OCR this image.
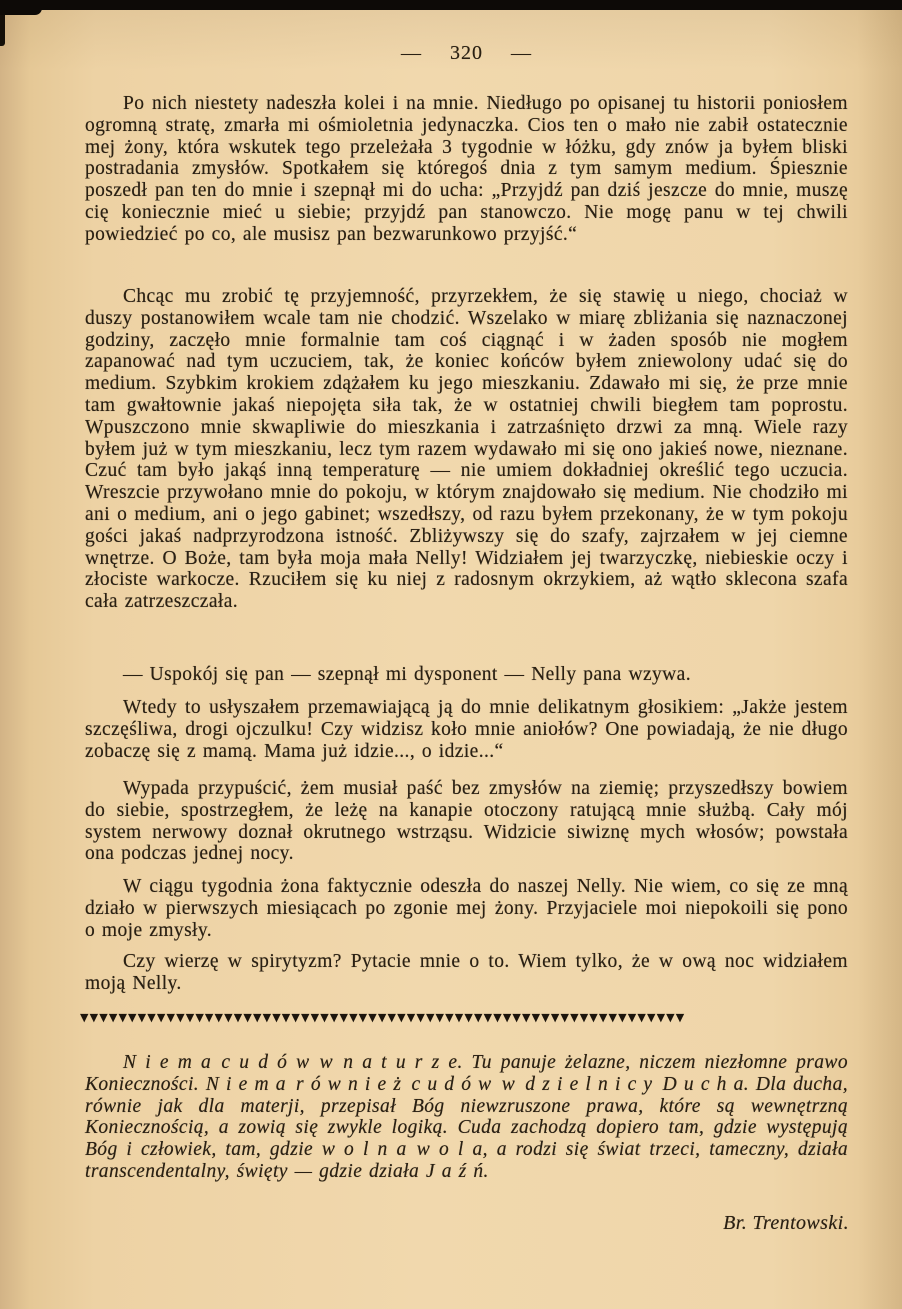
— 320 —

Po nich niestety nadeszła kolei i na mnie. Niedługo po opisanej tu historii poniosłem ogromną stratę, zmarła mi ośmioletnia jedynaczka. Cios ten o mało nie zabił ostatecznie mej żony, która wskutek tego przeleżała 3 tygodnie w łóżku, gdy znów ja byłem bliski postradania zmysłów. Spotkałem się któregoś dnia z tym samym medium. Śpiesznie poszedł pan ten do mnie i szepnął mi do ucha: „Przyjdź pan dziś jeszcze do mnie, muszę cię koniecznie mieć u siebie; przyjdź pan stanowczo. Nie mogę panu w tej chwili powiedzieć po co, ale musisz pan bezwarunkowo przyjść.“

Chcąc mu zrobić tę przyjemność, przyrzekłem, że się stawię u niego, chociaż w duszy postanowiłem wcale tam nie chodzić. Wszelako w miarę zbliżania się naznaczonej godziny, zaczęło mnie formalnie tam coś ciągnąć i w żaden sposób nie mogłem zapanować nad tym uczuciem, tak, że koniec końców byłem zniewolony udać się do medium. Szybkim krokiem zdążałem ku jego mieszkaniu. Zdawało mi się, że prze mnie tam gwałtownie jakaś niepojęta siła tak, że w ostatniej chwili biegłem tam poprostu. Wpuszczono mnie skwapliwie do mieszkania i zatrzaśnięto drzwi za mną. Wiele razy byłem już w tym mieszkaniu, lecz tym razem wydawało mi się ono jakieś nowe, nieznane. Czuć tam było jakąś inną temperaturę — nie umiem dokładniej określić tego uczucia. Wreszcie przywołano mnie do pokoju, w którym znajdowało się medium. Nie chodziło mi ani o medium, ani o jego gabinet; wszedłszy, od razu byłem przekonany, że w tym pokoju gości jakaś nadprzyrodzona istność. Zbliżywszy się do szafy, zajrzałem w jej ciemne wnętrze. O Boże, tam była moja mała Nelly! Widziałem jej twarzyczkę, niebieskie oczy i złociste warkocze. Rzuciłem się ku niej z radosnym okrzykiem, aż wątło sklecona szafa cała zatrzeszczała.

— Uspokój się pan — szepnął mi dysponent — Nelly pana wzywa.

Wtedy to usłyszałem przemawiającą ją do mnie delikatnym głosikiem: „Jakże jestem szczęśliwa, drogi ojczulku! Czy widzisz koło mnie aniołów? One powiadają, że nie długo zobaczę się z mamą. Mama już idzie..., o idzie...“

Wypada przypuścić, żem musiał paść bez zmysłów na ziemię; przyszedłszy bowiem do siebie, spostrzegłem, że leżę na kanapie otoczony ratującą mnie służbą. Cały mój system nerwowy doznał okrutnego wstrząsu. Widzicie siwiznę mych włosów; powstała ona podczas jednej nocy.

W ciągu tygodnia żona faktycznie odeszła do naszej Nelly. Nie wiem, co się ze mną działo w pierwszych miesiącach po zgonie mej żony. Przyjaciele moi niepokoili się pono o moje zmysły.

Czy wierzę w spirytyzm? Pytacie mnie o to. Wiem tylko, że w ową noc widziałem moją Nelly.

▼▼▼▼▼▼▼▼▼▼▼▼▼▼▼▼▼▼▼▼▼▼▼▼▼▼▼▼▼▼▼▼▼▼▼▼▼▼▼▼▼▼▼▼▼▼▼▼▼▼▼▼▼▼▼▼▼▼▼▼▼▼▼

N i e m a c u d ó w w n a t u r z e. Tu panuje żelazne, niczem niezłomne prawo Konieczności. N i e m a r ó w n i e ż c u d ó w w d z i e l n i c y D u c h a. Dla ducha, równie jak dla materji, przepisał Bóg niewzruszone prawa, które są wewnętrzną Koniecznością, a zowią się zwykle logiką. Cuda zachodzą dopiero tam, gdzie występują Bóg i człowiek, tam, gdzie w o l n a w o l a, a rodzi się świat trzeci, tameczny, działa transcendentalny, święty — gdzie działa J a ź ń.

Br. Trentowski.
